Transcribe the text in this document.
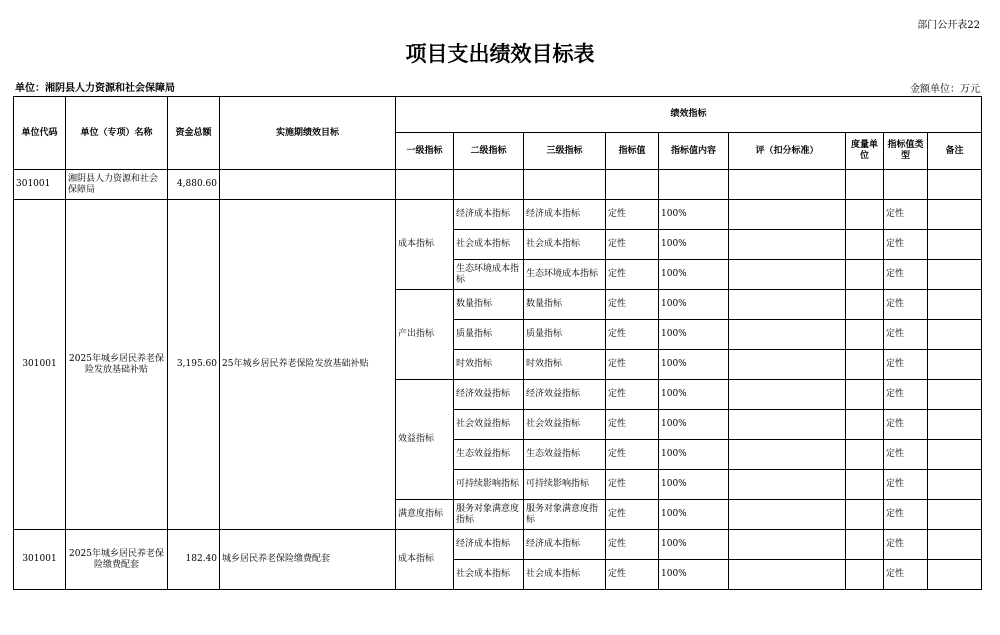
部门公开表22
项目支出绩效目标表
单位：湘阴县人力资源和社会保障局	金额单位：万元
单位代码	单位（专项）名称	资金总额	实施期绩效目标	绩效指标								
				一级指标	二级指标	三级指标	指标值	指标值内容	评（扣分标准）	度量单位	指标值类型	备注
301001	湘阴县人力资源和社会保障局	4,880.60										
301001	2025年城乡居民养老保险发放基础补贴	3,195.60	25年城乡居民养老保险发放基础补贴	成本指标	经济成本指标	经济成本指标	定性	100%			定性	
					社会成本指标	社会成本指标	定性	100%			定性	
					生态环境成本指标	生态环境成本指标	定性	100%			定性	
				产出指标	数量指标	数量指标	定性	100%			定性	
					质量指标	质量指标	定性	100%			定性	
					时效指标	时效指标	定性	100%			定性	
				效益指标	经济效益指标	经济效益指标	定性	100%			定性	
					社会效益指标	社会效益指标	定性	100%			定性	
					生态效益指标	生态效益指标	定性	100%			定性	
					可持续影响指标	可持续影响指标	定性	100%			定性	
				满意度指标	服务对象满意度指标	服务对象满意度指标	定性	100%			定性	
301001	2025年城乡居民养老保险缴费配套	182.40	城乡居民养老保险缴费配套	成本指标	经济成本指标	经济成本指标	定性	100%			定性	
					社会成本指标	社会成本指标	定性	100%			定性	
